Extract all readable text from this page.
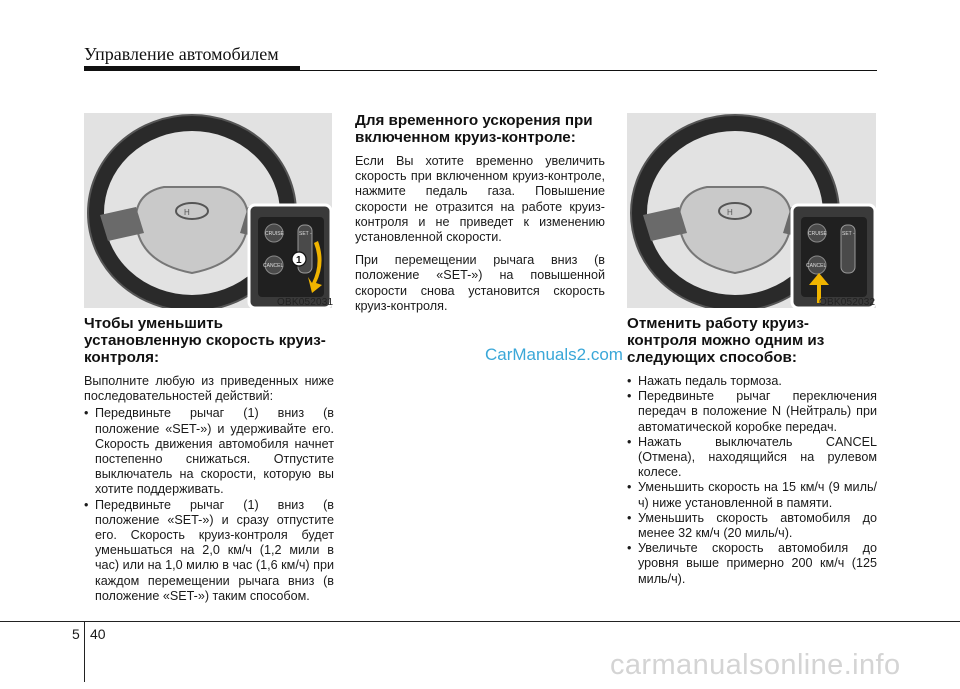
Управление автомобилем
H
CRUISE
CANCEL
SET -
1
OBK052031
H
CRUISE
CANCEL
SET -
OBK052032
Чтобы уменьшить установленную скорость круиз-контроля:

Выполните любую из приведенных ниже последовательностей действий:

• Передвиньте рычаг (1) вниз (в положение «SET-») и удерживайте его. Скорость движения автомобиля начнет постепенно снижаться. Отпустите выключатель на скорости, которую вы хотите поддерживать.
• Передвиньте рычаг (1) вниз (в положение «SET-») и сразу отпустите его. Скорость круиз-контроля будет уменьшаться на 2,0 км/ч (1,2 мили в час) или на 1,0 милю в час (1,6 км/ч) при каждом перемещении рычага вниз (в положение «SET-») таким способом.
Для временного ускорения при включенном круиз-контроле:

Если Вы хотите временно увеличить скорость при включенном круиз-контроле, нажмите педаль газа. Повышение скорости не отразится на работе круиз-контроля и не приведет к изменению установленной скорости.

При перемещении рычага вниз (в положение «SET-») на повышенной скорости снова установится скорость круиз-контроля.

Отменить работу круиз-контроля можно одним из следующих способов:
• Нажать педаль тормоза.
• Передвиньте рычаг переключения передач в положение N (Нейтраль) при автоматической коробке передач.
• Нажать выключатель CANCEL (Отмена), находящийся на рулевом колесе.
• Уменьшить скорость на 15 км/ч (9 миль/ч) ниже установленной в памяти.
• Уменьшить скорость автомобиля до менее 32 км/ч (20 миль/ч).
• Увеличьте скорость автомобиля до уровня выше примерно 200 км/ч (125 миль/ч).
CarManuals2.com
5 40
carmanualsonline.info
